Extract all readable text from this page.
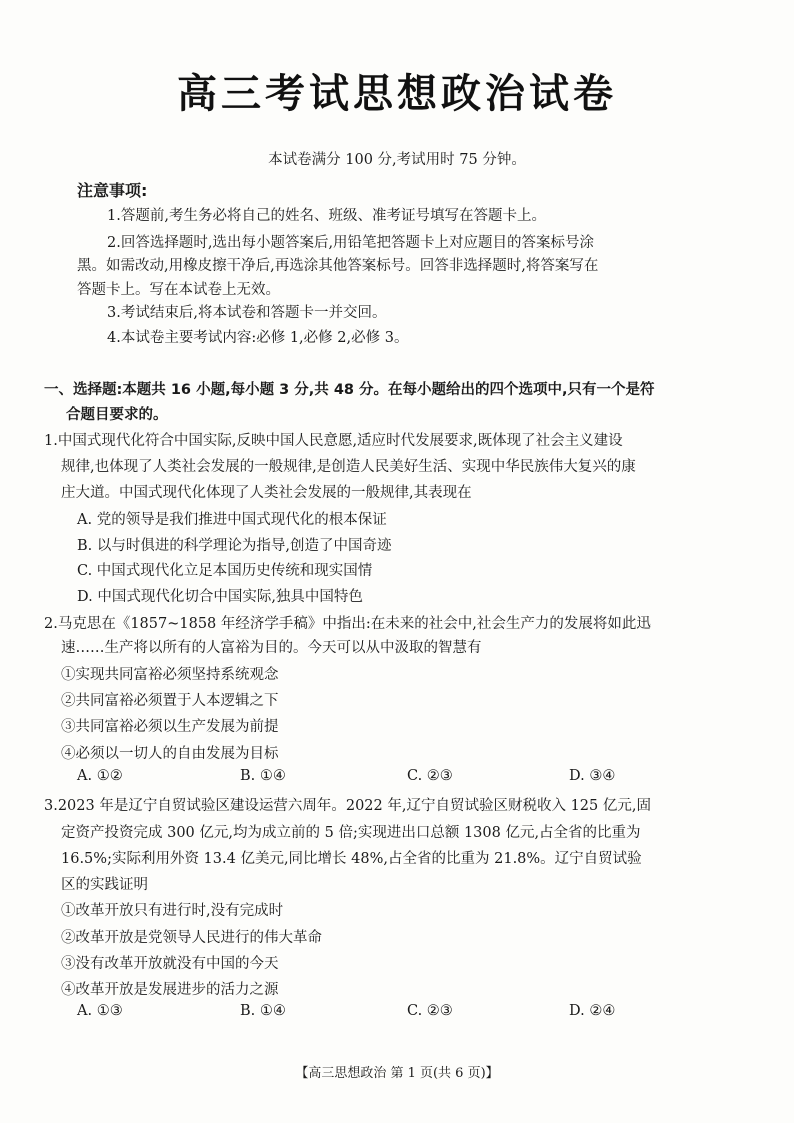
高三考试思想政治试卷
本试卷满分 100 分,考试用时 75 分钟。
注意事项:
1.答题前,考生务必将自己的姓名、班级、准考证号填写在答题卡上。
2.回答选择题时,选出每小题答案后,用铅笔把答题卡上对应题目的答案标号涂
黑。如需改动,用橡皮擦干净后,再选涂其他答案标号。回答非选择题时,将答案写在
答题卡上。写在本试卷上无效。
3.考试结束后,将本试卷和答题卡一并交回。
4.本试卷主要考试内容:必修 1,必修 2,必修 3。
一、选择题:本题共 16 小题,每小题 3 分,共 48 分。在每小题给出的四个选项中,只有一个是符
合题目要求的。
1.中国式现代化符合中国实际,反映中国人民意愿,适应时代发展要求,既体现了社会主义建设
规律,也体现了人类社会发展的一般规律,是创造人民美好生活、实现中华民族伟大复兴的康
庄大道。中国式现代化体现了人类社会发展的一般规律,其表现在
A. 党的领导是我们推进中国式现代化的根本保证
B. 以与时俱进的科学理论为指导,创造了中国奇迹
C. 中国式现代化立足本国历史传统和现实国情
D. 中国式现代化切合中国实际,独具中国特色
2.马克思在《1857~1858 年经济学手稿》中指出:在未来的社会中,社会生产力的发展将如此迅
速……生产将以所有的人富裕为目的。今天可以从中汲取的智慧有
①实现共同富裕必须坚持系统观念
②共同富裕必须置于人本逻辑之下
③共同富裕必须以生产发展为前提
④必须以一切人的自由发展为目标
A. ①②	B. ①④	C. ②③	D. ③④
3.2023 年是辽宁自贸试验区建设运营六周年。2022 年,辽宁自贸试验区财税收入 125 亿元,固
定资产投资完成 300 亿元,均为成立前的 5 倍;实现进出口总额 1308 亿元,占全省的比重为
16.5%;实际利用外资 13.4 亿美元,同比增长 48%,占全省的比重为 21.8%。辽宁自贸试验
区的实践证明
①改革开放只有进行时,没有完成时
②改革开放是党领导人民进行的伟大革命
③没有改革开放就没有中国的今天
④改革开放是发展进步的活力之源
A. ①③	B. ①④	C. ②③	D. ②④
【高三思想政治 第 1 页(共 6 页)】
